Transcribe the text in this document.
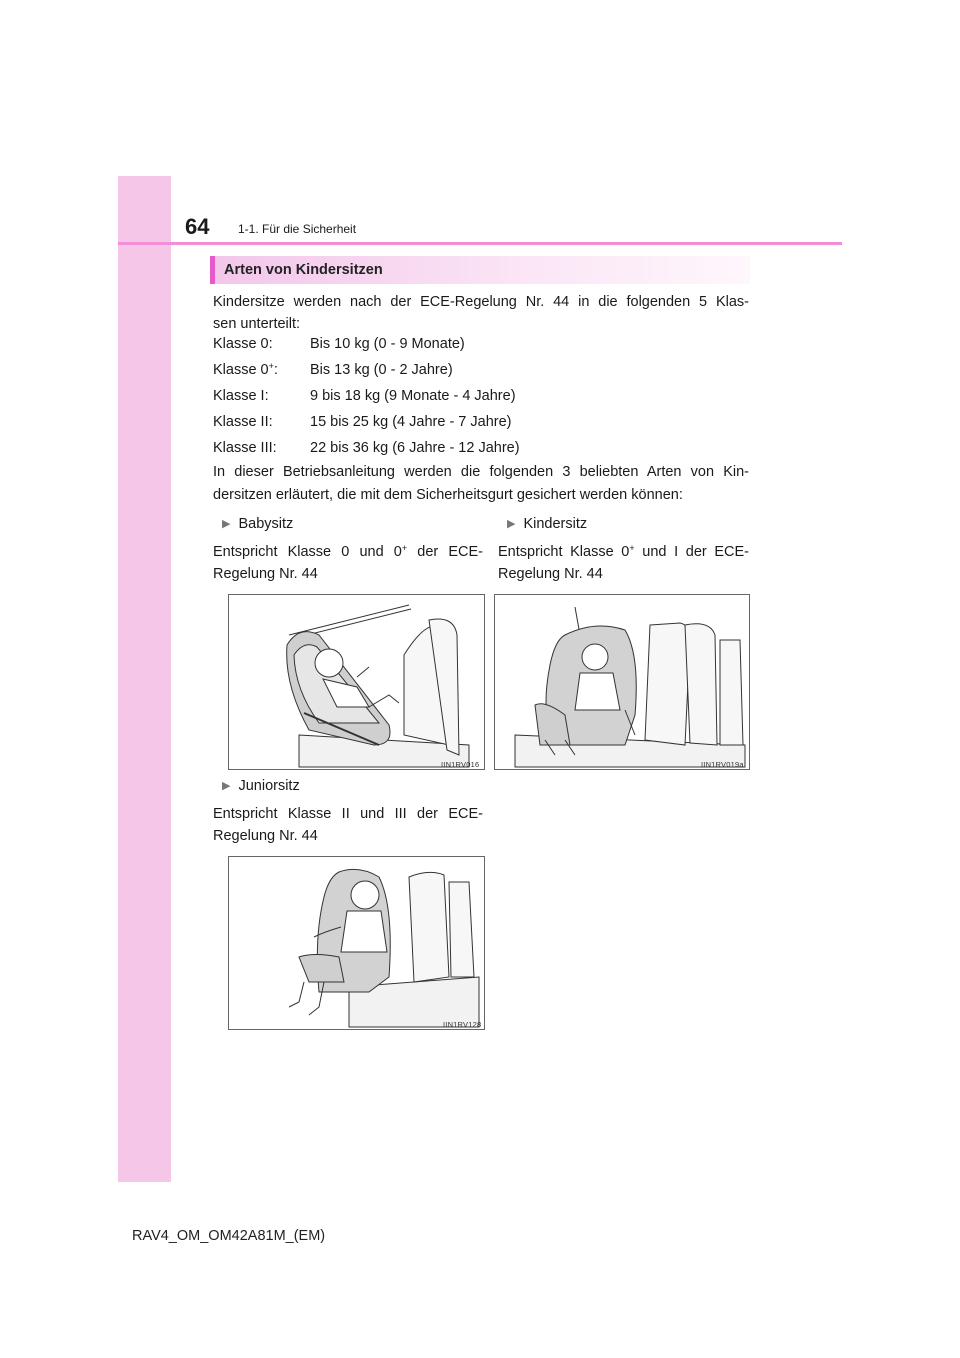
64 1-1. Für die Sicherheit
Arten von Kindersitzen
Kindersitze werden nach der ECE-Regelung Nr. 44 in die folgenden 5 Klas-
sen unterteilt:
Klasse 0:	Bis 10 kg (0 - 9 Monate)
Klasse 0+: Bis 13 kg (0 - 2 Jahre)
Klasse I:	9 bis 18 kg (9 Monate - 4 Jahre)
Klasse II:	15 bis 25 kg (4 Jahre - 7 Jahre)
Klasse III: 22 bis 36 kg (6 Jahre - 12 Jahre)
In dieser Betriebsanleitung werden die folgenden 3 beliebten Arten von Kin-
dersitzen erläutert, die mit dem Sicherheitsgurt gesichert werden können:
▶ Babysitz
Entspricht Klasse 0 und 0+ der ECE-
Regelung Nr. 44
▶ Kindersitz
Entspricht Klasse 0+ und I der ECE-
Regelung Nr. 44
IIN1RV016	IIN1RV019a
▶ Juniorsitz
Entspricht Klasse II und III der ECE-
Regelung Nr. 44
IIN1RV128
RAV4_OM_OM42A81M_(EM)
